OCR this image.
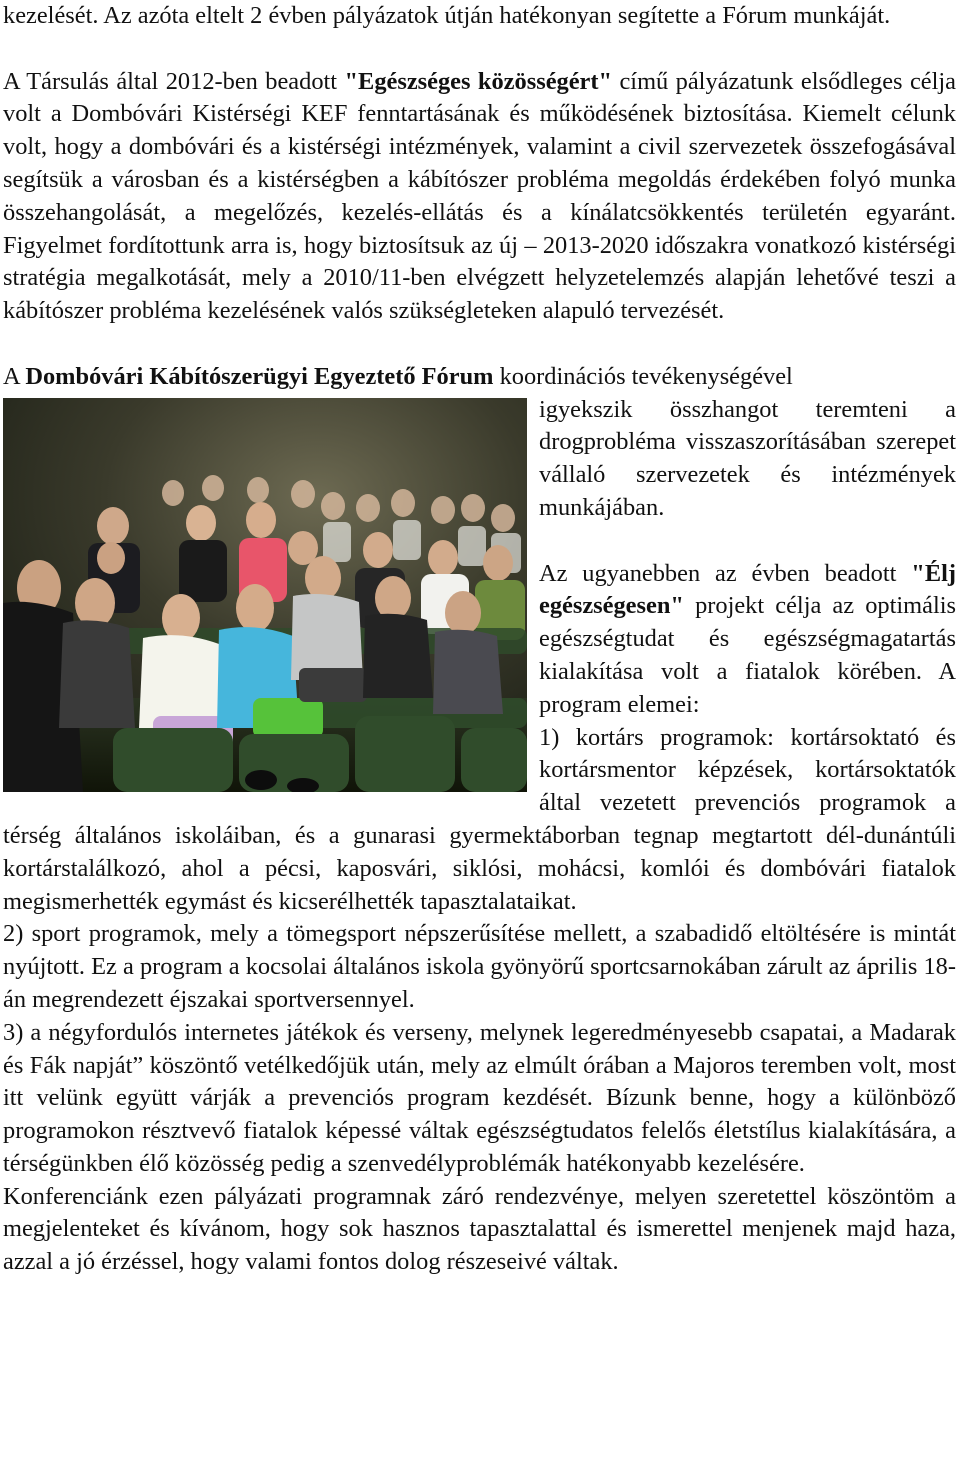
kezelését. Az azóta eltelt 2 évben pályázatok útján hatékonyan segítette a Fórum munkáját.

A Társulás által 2012-ben beadott "Egészséges közösségért" című pályázatunk elsődleges célja volt a Dombóvári Kistérségi KEF fenntartásának és működésének biztosítása. Kiemelt célunk volt, hogy a dombóvári és a kistérségi intézmények, valamint a civil szervezetek összefogásával segítsük a városban és a kistérségben a kábítószer probléma megoldás érdekében folyó munka összehangolását, a megelőzés, kezelés-ellátás és a kínálatcsökkentés területén egyaránt. Figyelmet fordítottunk arra is, hogy biztosítsuk az új – 2013-2020 időszakra vonatkozó kistérségi stratégia megalkotását, mely a 2010/11-ben elvégzett helyzetelemzés alapján lehetővé teszi a kábítószer probléma kezelésének valós szükségleteken alapuló tervezését.

A Dombóvári Kábítószerügyi Egyeztető Fórum koordinációs tevékenységével

igyekszik összhangot teremteni a drogprobléma visszaszorításában szerepet vállaló szervezetek és intézmények munkájában.

Az ugyanebben az évben beadott "Élj egészségesen" projekt célja az optimális egészségtudat és egészségmagatartás kialakítása volt a fiatalok körében. A program elemei:

1) kortárs programok: kortársoktató és kortársmentor képzések, kortársoktatók által vezetett prevenciós programok a térség általános iskoláiban, és a gunarasi gyermektáborban tegnap megtartott dél-dunántúli kortárstalálkozó, ahol a pécsi, kaposvári, siklósi, mohácsi, komlói és dombóvári fiatalok megismerhették egymást és kicserélhették tapasztalataikat.

2) sport programok, mely a tömegsport népszerűsítése mellett, a szabadidő eltöltésére is mintát nyújtott. Ez a program a kocsolai általános iskola gyönyörű sportcsarnokában zárult az április 18-án megrendezett éjszakai sportversennyel.

3) a négyfordulós internetes játékok és verseny, melynek legeredményesebb csapatai, a Madarak és Fák napját” köszöntő vetélkedőjük után, mely az elmúlt órában a Majoros teremben volt, most itt velünk együtt várják a prevenciós program kezdését. Bízunk benne, hogy a különböző programokon résztvevő fiatalok képessé váltak egészségtudatos felelős életstílus kialakítására, a térségünkben élő közösség pedig a szenvedélyproblémák hatékonyabb kezelésére.

Konferenciánk ezen pályázati programnak záró rendezvénye, melyen szeretettel köszöntöm a megjelenteket és kívánom, hogy sok hasznos tapasztalattal és ismerettel menjenek majd haza, azzal a jó érzéssel, hogy valami fontos dolog részeseivé váltak.
